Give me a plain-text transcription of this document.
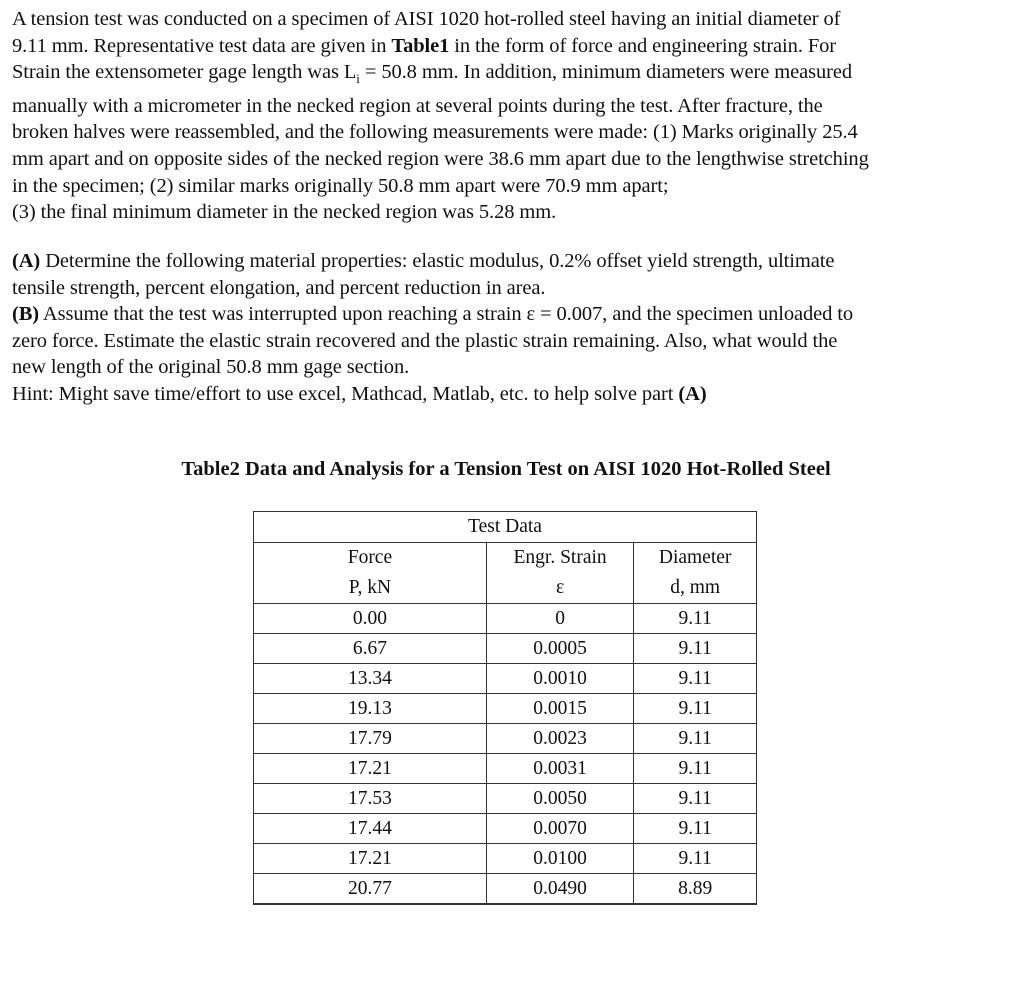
A tension test was conducted on a specimen of AISI 1020 hot-rolled steel having an initial diameter of
9.11 mm. Representative test data are given in Table1 in the form of force and engineering strain. For
Strain the extensometer gage length was $L_i = 50.8$ mm. In addition, minimum diameters were measured
manually with a micrometer in the necked region at several points during the test. After fracture, the
broken halves were reassembled, and the following measurements were made: (1) Marks originally 25.4
mm apart and on opposite sides of the necked region were 38.6 mm apart due to the lengthwise stretching
in the specimen; (2) similar marks originally 50.8 mm apart were 70.9 mm apart;
(3) the final minimum diameter in the necked region was 5.28 mm.
(A) Determine the following material properties: elastic modulus, 0.2% offset yield strength, ultimate
tensile strength, percent elongation, and percent reduction in area.
(B) Assume that the test was interrupted upon reaching a strain ε = 0.007, and the specimen unloaded to
zero force. Estimate the elastic strain recovered and the plastic strain remaining. Also, what would the
new length of the original 50.8 mm gage section.
Hint: Might save time/effort to use excel, Mathcad, Matlab, etc. to help solve part (A)
Table2 Data and Analysis for a Tension Test on AISI 1020 Hot-Rolled Steel
Test Data		
Force	Engr. Strain	Diameter
P, kN	ε	d, mm
0.00	0	9.11
6.67	0.0005	9.11
13.34	0.0010	9.11
19.13	0.0015	9.11
17.79	0.0023	9.11
17.21	0.0031	9.11
17.53	0.0050	9.11
17.44	0.0070	9.11
17.21	0.0100	9.11
20.77	0.0490	8.89
